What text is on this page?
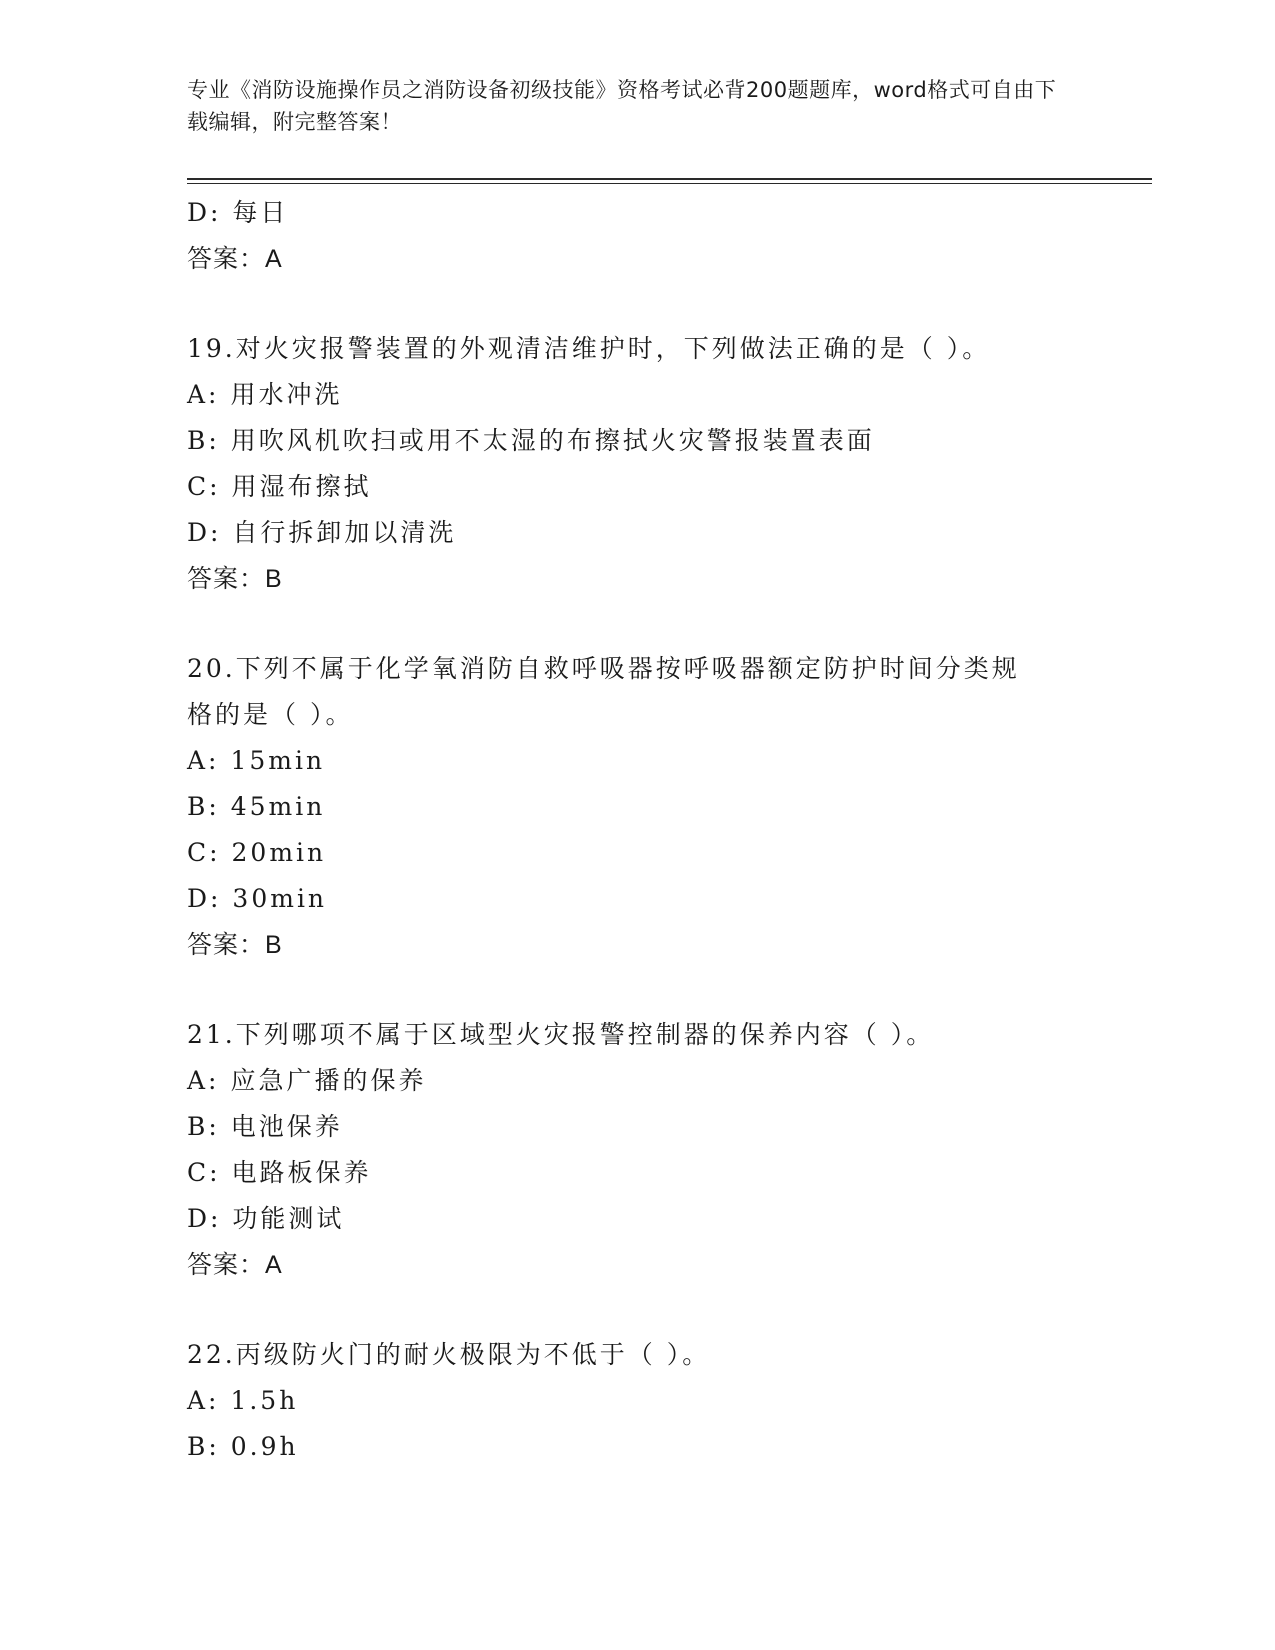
专业《消防设施操作员之消防设备初级技能》资格考试必背200题题库，word格式可自由下载编辑，附完整答案！
D: 每日
答案：A
19.对火灾报警装置的外观清洁维护时，下列做法正确的是（ ）。
A: 用水冲洗
B: 用吹风机吹扫或用不太湿的布擦拭火灾警报装置表面
C: 用湿布擦拭
D: 自行拆卸加以清洗
答案：B
20.下列不属于化学氧消防自救呼吸器按呼吸器额定防护时间分类规格的是（ ）。
A: 15min
B: 45min
C: 20min
D: 30min
答案：B
21.下列哪项不属于区域型火灾报警控制器的保养内容（ ）。
A: 应急广播的保养
B: 电池保养
C: 电路板保养
D: 功能测试
答案：A
22.丙级防火门的耐火极限为不低于（ ）。
A: 1.5h
B: 0.9h
